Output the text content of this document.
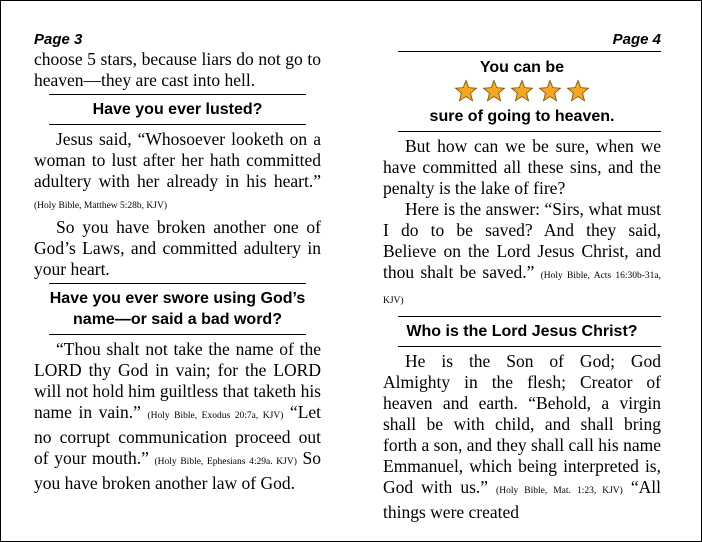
Page 3

choose 5 stars, because liars do not go to heaven—they are cast into hell.

Have you ever lusted?

Jesus said, “Whosoever looketh on a woman to lust after her hath committed adultery with her already in his heart.” (Holy Bible, Matthew 5:28b, KJV)

So you have broken another one of God’s Laws, and committed adultery in your heart.

Have you ever swore using God’s
name—or said a bad word?

“Thou shalt not take the name of the LORD thy God in vain; for the LORD will not hold him guiltless that taketh his name in vain.” (Holy Bible, Exodus 20:7a, KJV) “Let no corrupt communication proceed out of your mouth.” (Holy Bible, Ephesians 4:29a. KJV) So you have broken another law of God.

Page 4
You can be
sure of going to heaven.

But how can we be sure, when we have committed all these sins, and the penalty is the lake of fire?

Here is the answer: “Sirs, what must I do to be saved? And they said, Believe on the Lord Jesus Christ, and thou shalt be saved.” (Holy Bible, Acts 16:30b-31a, KJV)

Who is the Lord Jesus Christ?

He is the Son of God; God Almighty in the flesh; Creator of heaven and earth. “Behold, a virgin shall be with child, and shall bring forth a son, and they shall call his name Emmanuel, which being interpreted is, God with us.” (Holy Bible, Mat. 1:23, KJV) “All things were created
